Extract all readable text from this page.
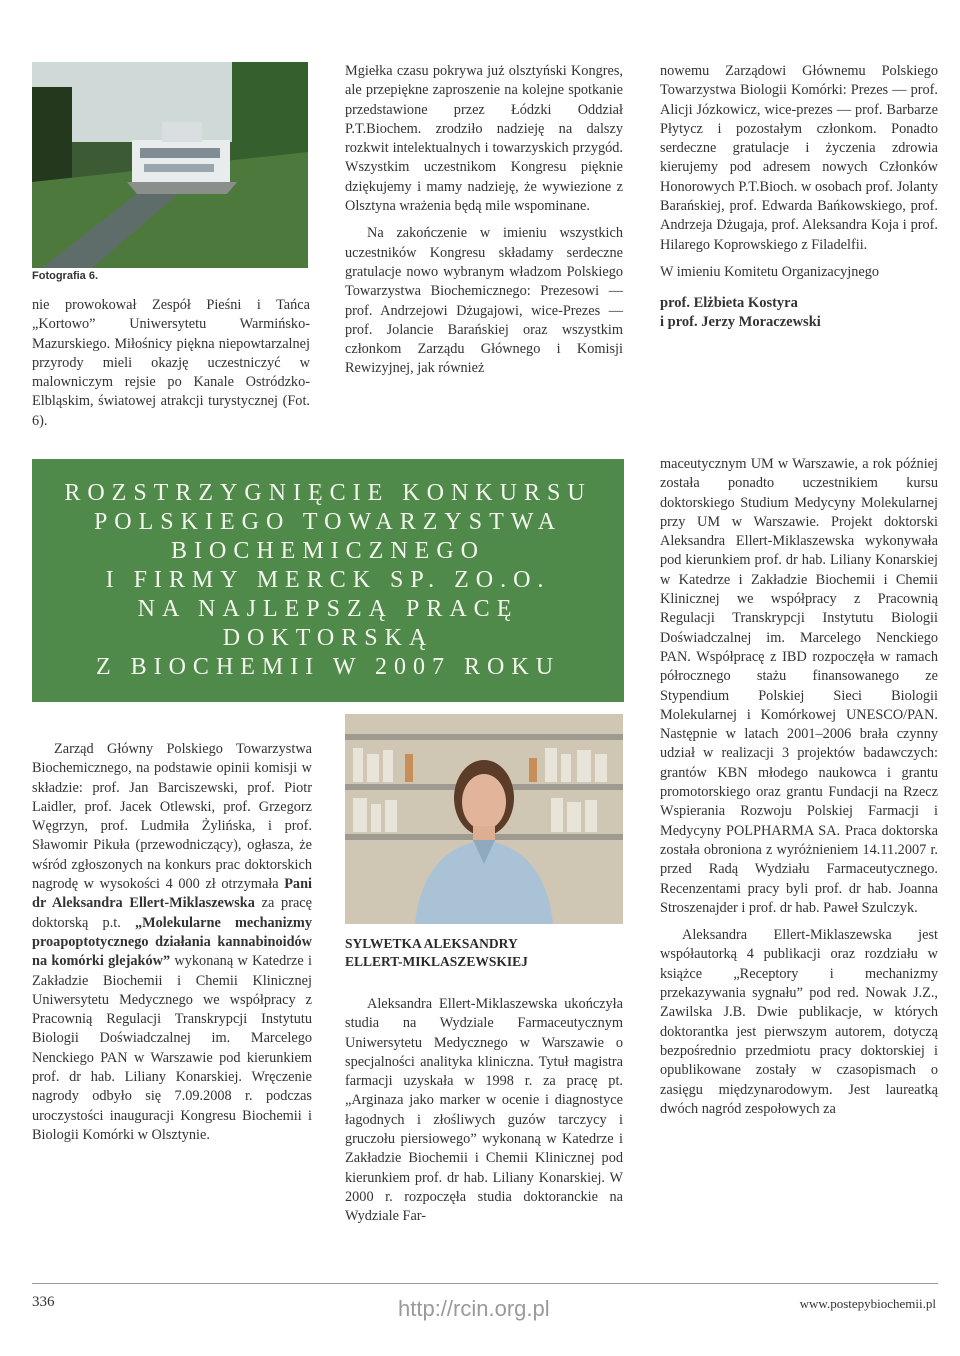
Fotografia 6.

nie prowokował Zespół Pieśni i Tańca „Kortowo” Uniwersytetu Warmińsko-Mazurskiego. Miłośnicy piękna niepowtarzalnej przyrody mieli okazję uczestniczyć w malowniczym rejsie po Kanale Ostródzko-Elbląskim, światowej atrakcji turystycznej (Fot. 6).

Mgiełka czasu pokrywa już olsztyński Kongres, ale przepiękne zaproszenie na kolejne spotkanie przedstawione przez Łódzki Oddział P.T.Biochem. zrodziło nadzieję na dalszy rozkwit intelektualnych i towarzyskich przygód. Wszystkim uczestnikom Kongresu pięknie dziękujemy i mamy nadzieję, że wywiezione z Olsztyna wrażenia będą mile wspominane.

Na zakończenie w imieniu wszystkich uczestników Kongresu składamy serdeczne gratulacje nowo wybranym władzom Polskiego Towarzystwa Biochemicznego: Prezesowi — prof. Andrzejowi Dżugajowi, wice-Prezes — prof. Jolancie Barańskiej oraz wszystkim członkom Zarządu Głównego i Komisji Rewizyjnej, jak również

nowemu Zarządowi Głównemu Polskiego Towarzystwa Biologii Komórki: Prezes — prof. Alicji Józkowicz, wice-prezes — prof. Barbarze Płytycz i pozostałym członkom. Ponadto serdeczne gratulacje i życzenia zdrowia kierujemy pod adresem nowych Członków Honorowych P.T.Bioch. w osobach prof. Jolanty Barańskiej, prof. Edwarda Bańkowskiego, prof. Andrzeja Dżugaja, prof. Aleksandra Koja i prof. Hilarego Koprowskiego z Filadelfii.

W imieniu Komitetu Organizacyjnego

prof. Elżbieta Kostyra
i prof. Jerzy Moraczewski
ROZSTRZYGNIĘCIE KONKURSU
POLSKIEGO TOWARZYSTWA
BIOCHEMICZNEGO
I FIRMY MERCK SP. ZO.O.
NA NAJLEPSZĄ PRACĘ
DOKTORSKĄ
Z BIOCHEMII W 2007 ROKU
SYLWETKA ALEKSANDRY
ELLERT-MIKLASZEWSKIEJ

Zarząd Główny Polskiego Towarzystwa Biochemicznego, na podstawie opinii komisji w składzie: prof. Jan Barciszewski, prof. Piotr Laidler, prof. Jacek Otlewski, prof. Grzegorz Węgrzyn, prof. Ludmiła Żylińska, i prof. Sławomir Pikuła (przewodniczący), ogłasza, że wśród zgłoszonych na konkurs prac doktorskich nagrodę w wysokości 4 000 zł otrzymała Pani dr Aleksandra Ellert-Miklaszewska za pracę doktorską p.t. „Molekularne mechanizmy proapoptotycznego działania kannabinoidów na komórki glejaków” wykonaną w Katedrze i Zakładzie Biochemii i Chemii Klinicznej Uniwersytetu Medycznego we współpracy z Pracownią Regulacji Transkrypcji Instytutu Biologii Doświadczalnej im. Marcelego Nenckiego PAN w Warszawie pod kierunkiem prof. dr hab. Liliany Konarskiej. Wręczenie nagrody odbyło się 7.09.2008 r. podczas uroczystości inauguracji Kongresu Biochemii i Biologii Komórki w Olsztynie.

Aleksandra Ellert-Miklaszewska ukończyła studia na Wydziale Farmaceutycznym Uniwersytetu Medycznego w Warszawie o specjalności analityka kliniczna. Tytuł magistra farmacji uzyskała w 1998 r. za pracę pt. „Arginaza jako marker w ocenie i diagnostyce łagodnych i złośliwych guzów tarczycy i gruczołu piersiowego” wykonaną w Katedrze i Zakładzie Biochemii i Chemii Klinicznej pod kierunkiem prof. dr hab. Liliany Konarskiej. W 2000 r. rozpoczęła studia doktoranckie na Wydziale Far-

maceutycznym UM w Warszawie, a rok później została ponadto uczestnikiem kursu doktorskiego Studium Medycyny Molekularnej przy UM w Warszawie. Projekt doktorski Aleksandra Ellert-Miklaszewska wykonywała pod kierunkiem prof. dr hab. Liliany Konarskiej w Katedrze i Zakładzie Biochemii i Chemii Klinicznej we współpracy z Pracownią Regulacji Transkrypcji Instytutu Biologii Doświadczalnej im. Marcelego Nenckiego PAN. Współpracę z IBD rozpoczęła w ramach półrocznego stażu finansowanego ze Stypendium Polskiej Sieci Biologii Molekularnej i Komórkowej UNESCO/PAN. Następnie w latach 2001–2006 brała czynny udział w realizacji 3 projektów badawczych: grantów KBN młodego naukowca i grantu promotorskiego oraz grantu Fundacji na Rzecz Wspierania Rozwoju Polskiej Farmacji i Medycyny POLPHARMA SA. Praca doktorska została obroniona z wyróżnieniem 14.11.2007 r. przed Radą Wydziału Farmaceutycznego. Recenzentami pracy byli prof. dr hab. Joanna Stroszenajder i prof. dr hab. Paweł Szulczyk.

Aleksandra Ellert-Miklaszewska jest współautorką 4 publikacji oraz rozdziału w książce „Receptory i mechanizmy przekazywania sygnału” pod red. Nowak J.Z., Zawilska J.B. Dwie publikacje, w których doktorantka jest pierwszym autorem, dotyczą bezpośrednio przedmiotu pracy doktorskiej i opublikowane zostały w czasopismach o zasięgu międzynarodowym. Jest laureatką dwóch nagród zespołowych za

336	http://rcin.org.pl	www.postepybiochemii.pl
